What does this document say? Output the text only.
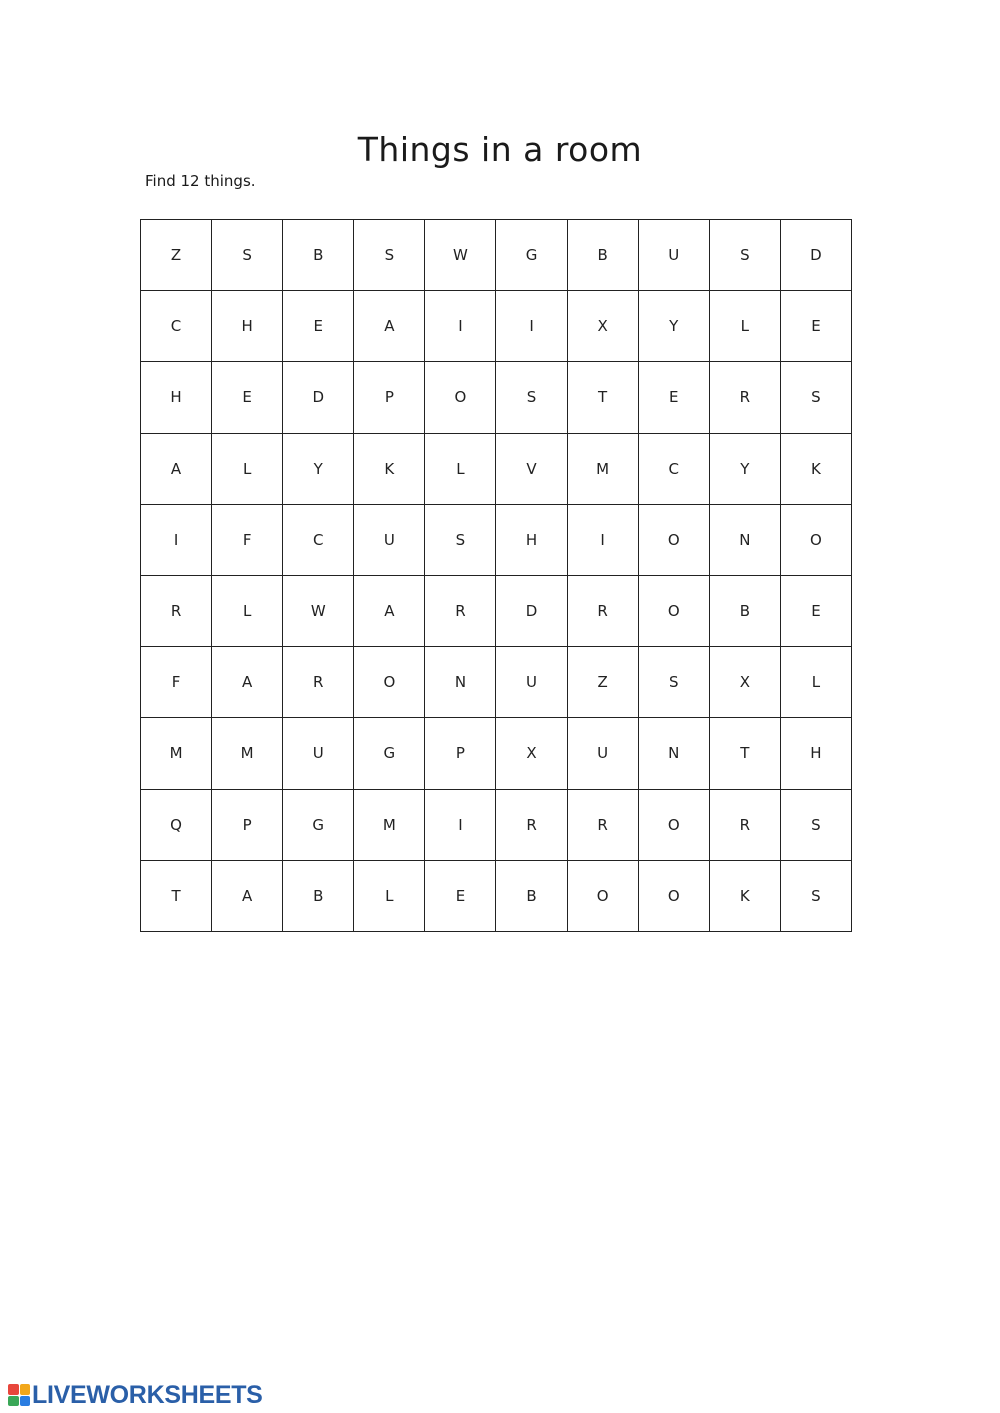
Things in a room
Find 12 things.
Z	S	B	S	W	G	B	U	S	D
C	H	E	A	I	I	X	Y	L	E
H	E	D	P	O	S	T	E	R	S
A	L	Y	K	L	V	M	C	Y	K
I	F	C	U	S	H	I	O	N	O
R	L	W	A	R	D	R	O	B	E
F	A	R	O	N	U	Z	S	X	L
M	M	U	G	P	X	U	N	T	H
Q	P	G	M	I	R	R	O	R	S
T	A	B	L	E	B	O	O	K	S
LIVEWORKSHEETS
